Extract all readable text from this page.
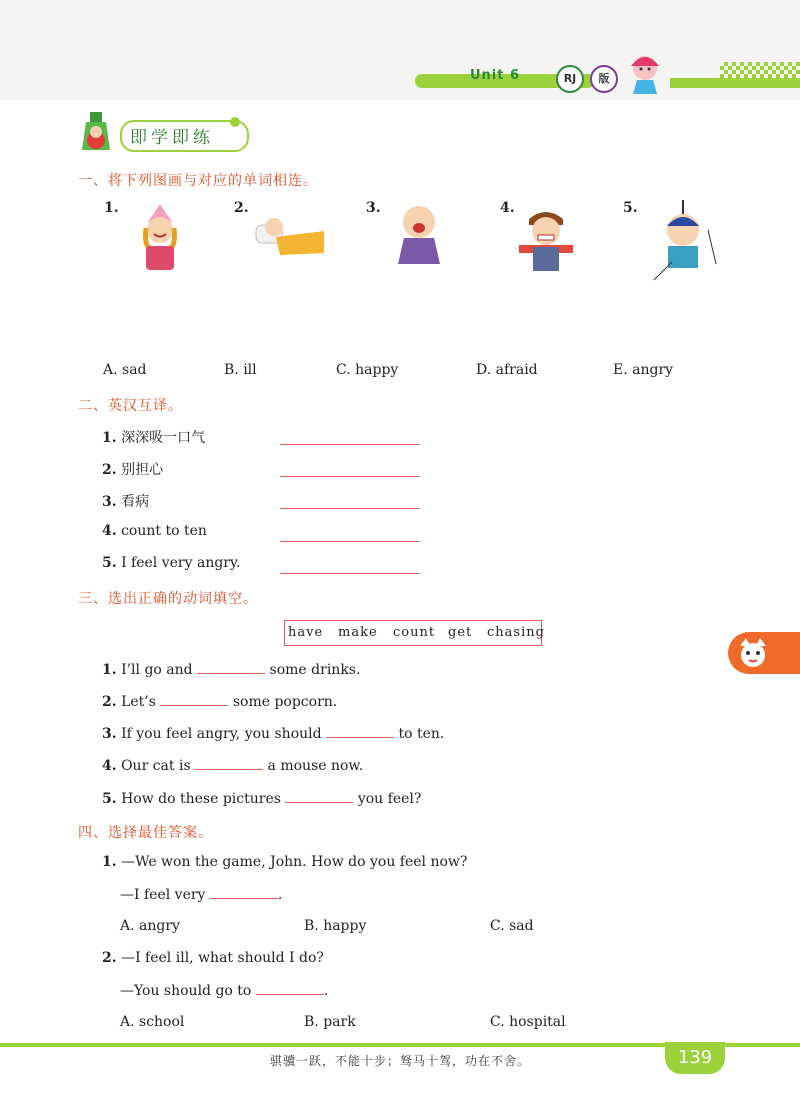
Unit 6	RJ	版
即学即练
一、将下列图画与对应的单词相连。
1.	2.	3.	4.	5.
A. sad	B. ill	C. happy	D. afraid	E. angry
二、英汉互译。
1. 深深吸一口气
2. 别担心
3. 看病
4. count to ten
5. I feel very angry.
三、选出正确的动词填空。
have make count get chasing
1. I’ll go and	some drinks.
2. Let’s	some popcorn.
3. If you feel angry, you should	to ten.
4. Our cat is	a mouse now.
5. How do these pictures	you feel?
四、选择最佳答案。
1. —We won the game, John. How do you feel now?
—I feel very	.
A. angry	B. happy	C. sad
2. —I feel ill, what should I do?
—You should go to	.
A. school	B. park	C. hospital
骐骥一跃，不能十步；驽马十驾，功在不舍。	139
